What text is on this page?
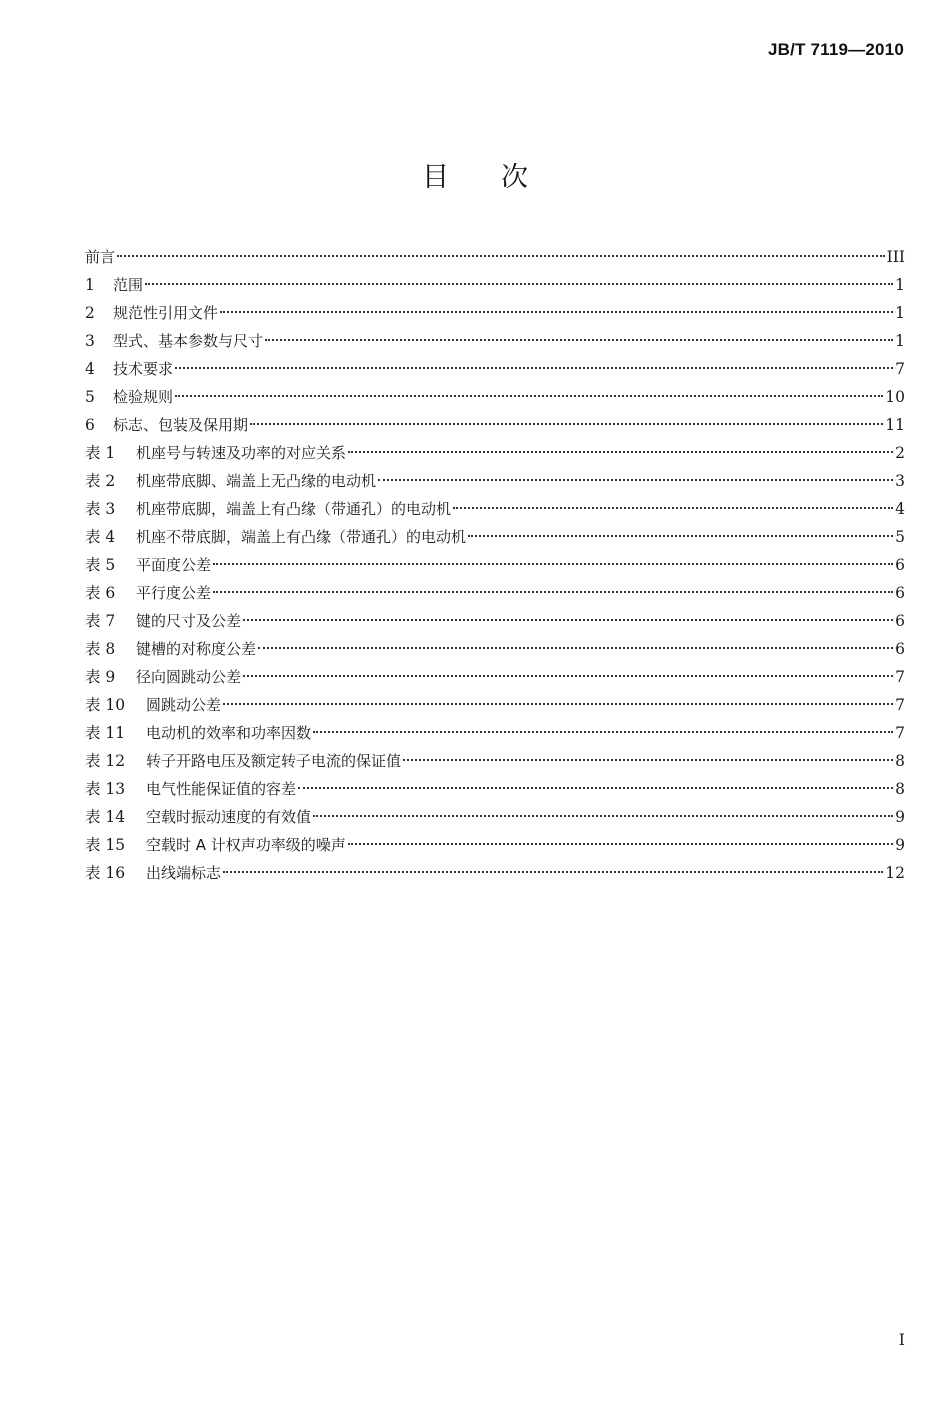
JB/T 7119—2010
目次
前言	III
1	范围	1
2	规范性引用文件	1
3	型式、基本参数与尺寸	1
4	技术要求	7
5	检验规则	10
6	标志、包装及保用期	11
表 1	机座号与转速及功率的对应关系	2
表 2	机座带底脚、端盖上无凸缘的电动机	3
表 3	机座带底脚，端盖上有凸缘（带通孔）的电动机	4
表 4	机座不带底脚，端盖上有凸缘（带通孔）的电动机	5
表 5	平面度公差	6
表 6	平行度公差	6
表 7	键的尺寸及公差	6
表 8	键槽的对称度公差	6
表 9	径向圆跳动公差	7
表 10	圆跳动公差	7
表 11	电动机的效率和功率因数	7
表 12	转子开路电压及额定转子电流的保证值	8
表 13	电气性能保证值的容差	8
表 14	空载时振动速度的有效值	9
表 15	空载时 A 计权声功率级的噪声	9
表 16	出线端标志	12
I
